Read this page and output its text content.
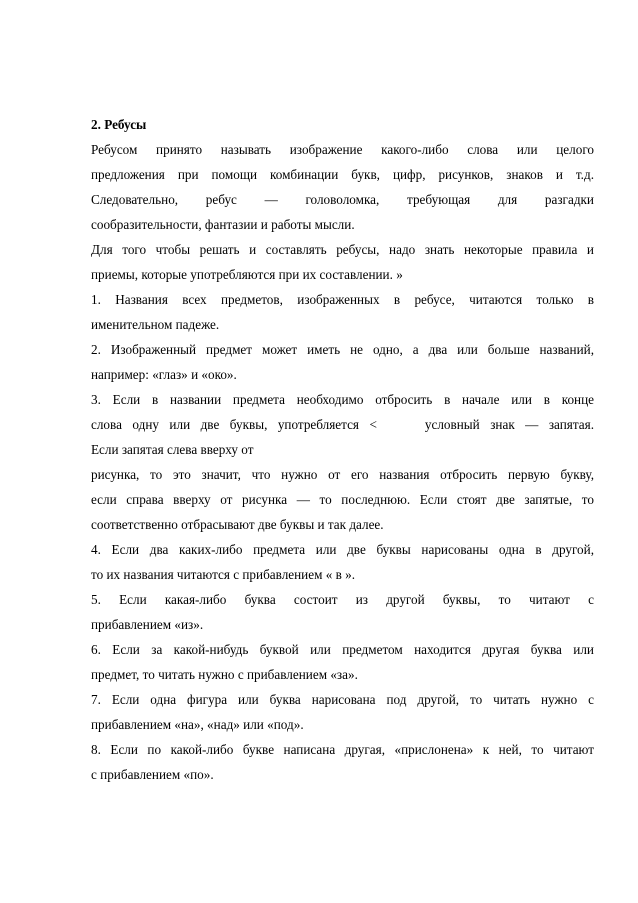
2. Ребусы
Ребусом принято называть изображение какого-либо слова или целого
предложения при помощи комбинации букв, цифр, рисунков, знаков и т.д.
Следовательно, ребус — головоломка, требующая для разгадки
сообразительности, фантазии и работы мысли.
Для того чтобы решать и составлять ребусы, надо знать некоторые правила и
приемы, которые употребляются при их составлении. »
1. Названия всех предметов, изображенных в ребусе, читаются только в
именительном падеже.
2. Изображенный предмет может иметь не одно, а два или больше названий,
например: «глаз» и «око».
3. Если в названии предмета необходимо отбросить в начале или в конце
слова одну или две буквы, употребляется <	условный знак — запятая.
Если запятая слева вверху от
рисунка, то это значит, что нужно от его названия отбросить первую букву,
если справа вверху от рисунка — то последнюю. Если стоят две запятые, то
соответственно отбрасывают две буквы и так далее.
4. Если два каких-либо предмета или две буквы нарисованы одна в другой,
то их названия читаются с прибавлением « в ».
5. Если какая-либо буква состоит из другой буквы, то читают с
прибавлением «из».
6. Если за какой-нибудь буквой или предметом находится другая буква или
предмет, то читать нужно с прибавлением «за».
7. Если одна фигура или буква нарисована под другой, то читать нужно с
прибавлением «на», «над» или «под».
8. Если по какой-либо букве написана другая, «прислонена» к ней, то читают
с прибавлением «по».
